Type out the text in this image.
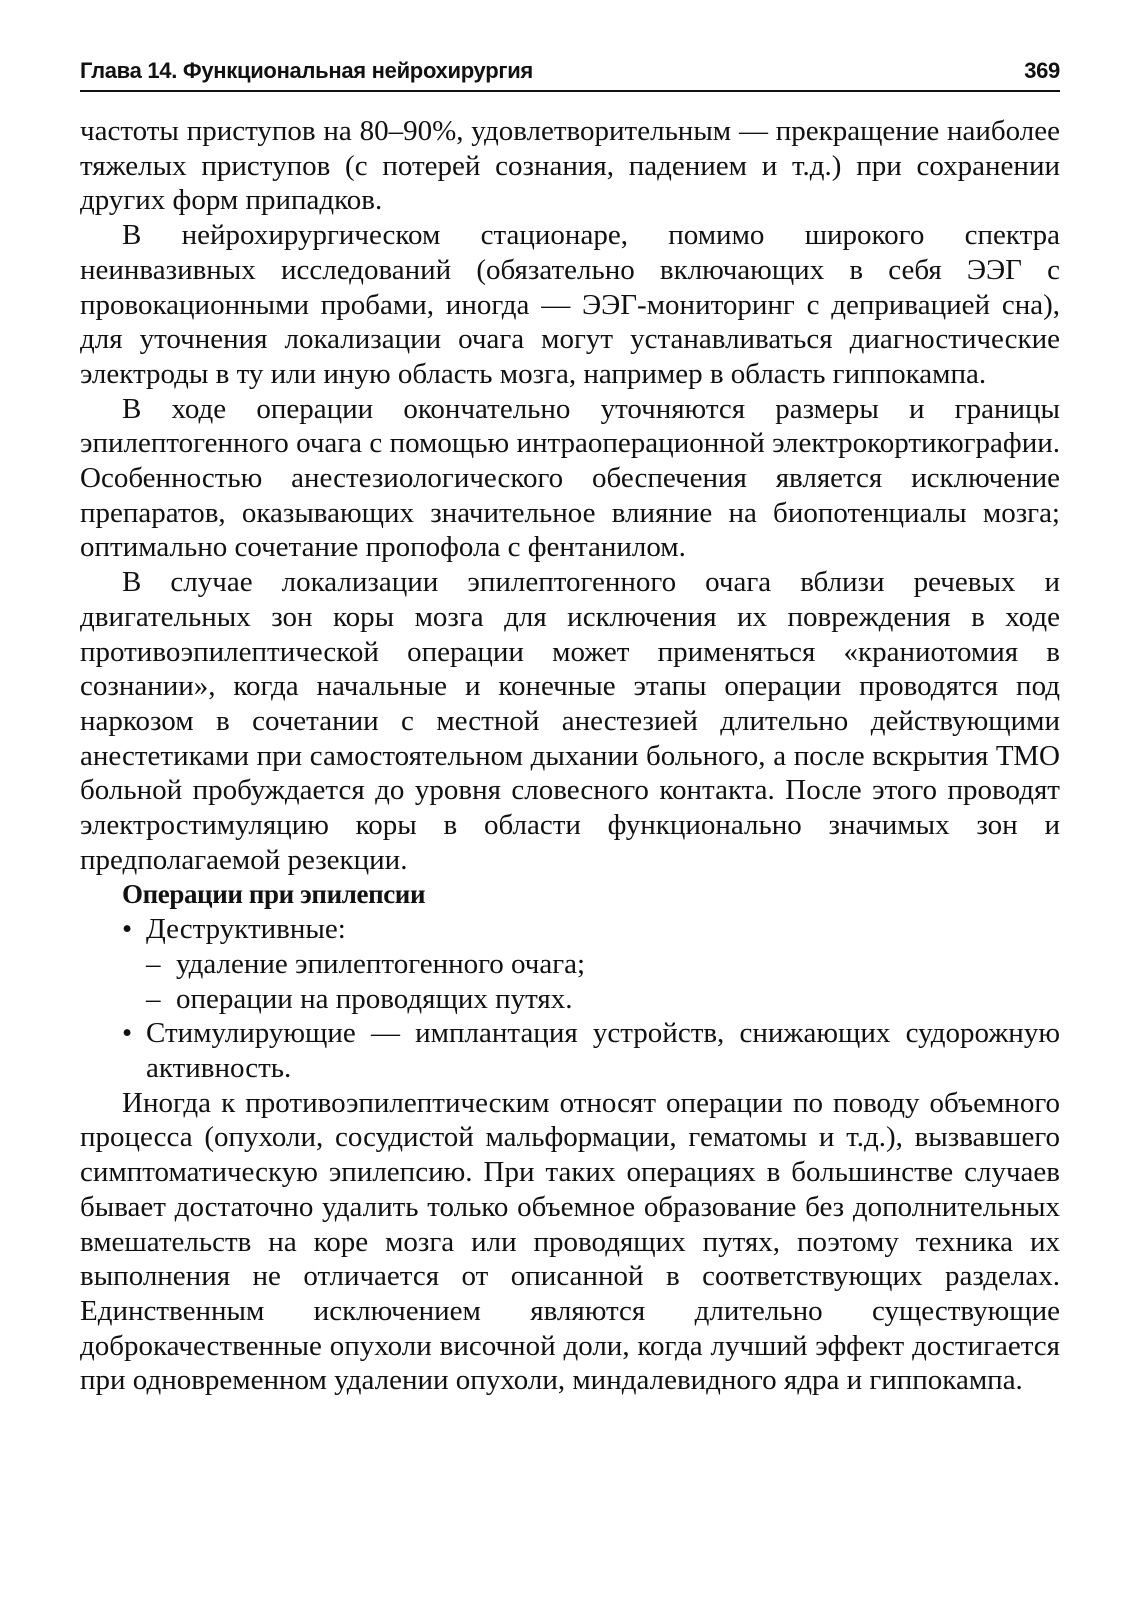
Глава 14. Функциональная нейрохирургия	369

частоты приступов на 80–90%, удовлетворительным — прекращение наиболее тяжелых приступов (с потерей сознания, падением и т.д.) при сохранении других форм припадков.

В нейрохирургическом стационаре, помимо широкого спектра неинвазивных исследований (обязательно включающих в себя ЭЭГ с провокационными пробами, иногда — ЭЭГ-мониторинг с депривацией сна), для уточнения локализации очага могут устанавливаться диагностические электроды в ту или иную область мозга, например в область гиппокампа.

В ходе операции окончательно уточняются размеры и границы эпилептогенного очага с помощью интраоперационной электрокортикографии. Особенностью анестезиологического обеспечения является исключение препаратов, оказывающих значительное влияние на биопотенциалы мозга; оптимально сочетание пропофола с фентанилом.

В случае локализации эпилептогенного очага вблизи речевых и двигательных зон коры мозга для исключения их повреждения в ходе противоэпилептической операции может применяться «краниотомия в сознании», когда начальные и конечные этапы операции проводятся под наркозом в сочетании с местной анестезией длительно действующими анестетиками при самостоятельном дыхании больного, а после вскрытия ТМО больной пробуждается до уровня словесного контакта. После этого проводят электростимуляцию коры в области функционально значимых зон и предполагаемой резекции.

Операции при эпилепсии

• Деструктивные:
– удаление эпилептогенного очага;
– операции на проводящих путях.
• Стимулирующие — имплантация устройств, снижающих судорожную активность.

Иногда к противоэпилептическим относят операции по поводу объемного процесса (опухоли, сосудистой мальформации, гематомы и т.д.), вызвавшего симптоматическую эпилепсию. При таких операциях в большинстве случаев бывает достаточно удалить только объемное образование без дополнительных вмешательств на коре мозга или проводящих путях, поэтому техника их выполнения не отличается от описанной в соответствующих разделах. Единственным исключением являются длительно существующие доброкачественные опухоли височной доли, когда лучший эффект достигается при одновременном удалении опухоли, миндалевидного ядра и гиппокампа.
